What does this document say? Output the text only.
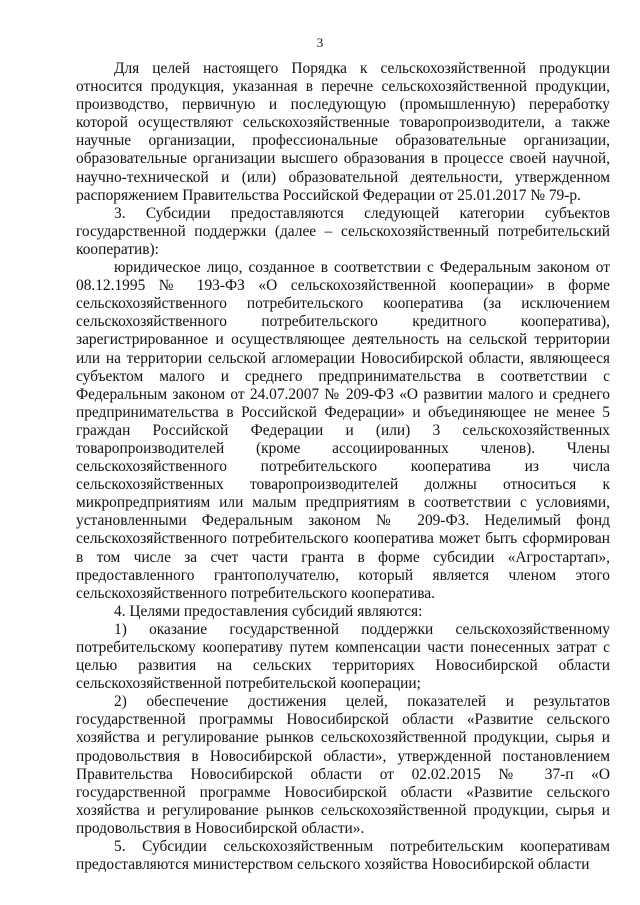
3

Для целей настоящего Порядка к сельскохозяйственной продукции относится продукция, указанная в перечне сельскохозяйственной продукции, производство, первичную и последующую (промышленную) переработку которой осуществляют сельскохозяйственные товаропроизводители, а также научные организации, профессиональные образовательные организации, образовательные организации высшего образования в процессе своей научной, научно-технической и (или) образовательной деятельности, утвержденном распоряжением Правительства Российской Федерации от 25.01.2017 № 79-р.

3. Субсидии предоставляются следующей категории субъектов государственной поддержки (далее – сельскохозяйственный потребительский кооператив):

юридическое лицо, созданное в соответствии с Федеральным законом от 08.12.1995 № 193-ФЗ «О сельскохозяйственной кооперации» в форме сельскохозяйственного потребительского кооператива (за исключением сельскохозяйственного потребительского кредитного кооператива), зарегистрированное и осуществляющее деятельность на сельской территории или на территории сельской агломерации Новосибирской области, являющееся субъектом малого и среднего предпринимательства в соответствии с Федеральным законом от 24.07.2007 № 209-ФЗ «О развитии малого и среднего предпринимательства в Российской Федерации» и объединяющее не менее 5 граждан Российской Федерации и (или) 3 сельскохозяйственных товаропроизводителей (кроме ассоциированных членов). Члены сельскохозяйственного потребительского кооператива из числа сельскохозяйственных товаропроизводителей должны относиться к микропредприятиям или малым предприятиям в соответствии с условиями, установленными Федеральным законом № 209-ФЗ. Неделимый фонд сельскохозяйственного потребительского кооператива может быть сформирован в том числе за счет части гранта в форме субсидии «Агростартап», предоставленного грантополучателю, который является членом этого сельскохозяйственного потребительского кооператива.

4. Целями предоставления субсидий являются:

1) оказание государственной поддержки сельскохозяйственному потребительскому кооперативу путем компенсации части понесенных затрат с целью развития на сельских территориях Новосибирской области сельскохозяйственной потребительской кооперации;

2) обеспечение достижения целей, показателей и результатов государственной программы Новосибирской области «Развитие сельского хозяйства и регулирование рынков сельскохозяйственной продукции, сырья и продовольствия в Новосибирской области», утвержденной постановлением Правительства Новосибирской области от 02.02.2015 № 37-п «О государственной программе Новосибирской области «Развитие сельского хозяйства и регулирование рынков сельскохозяйственной продукции, сырья и продовольствия в Новосибирской области».

5. Субсидии сельскохозяйственным потребительским кооперативам предоставляются министерством сельского хозяйства Новосибирской области
